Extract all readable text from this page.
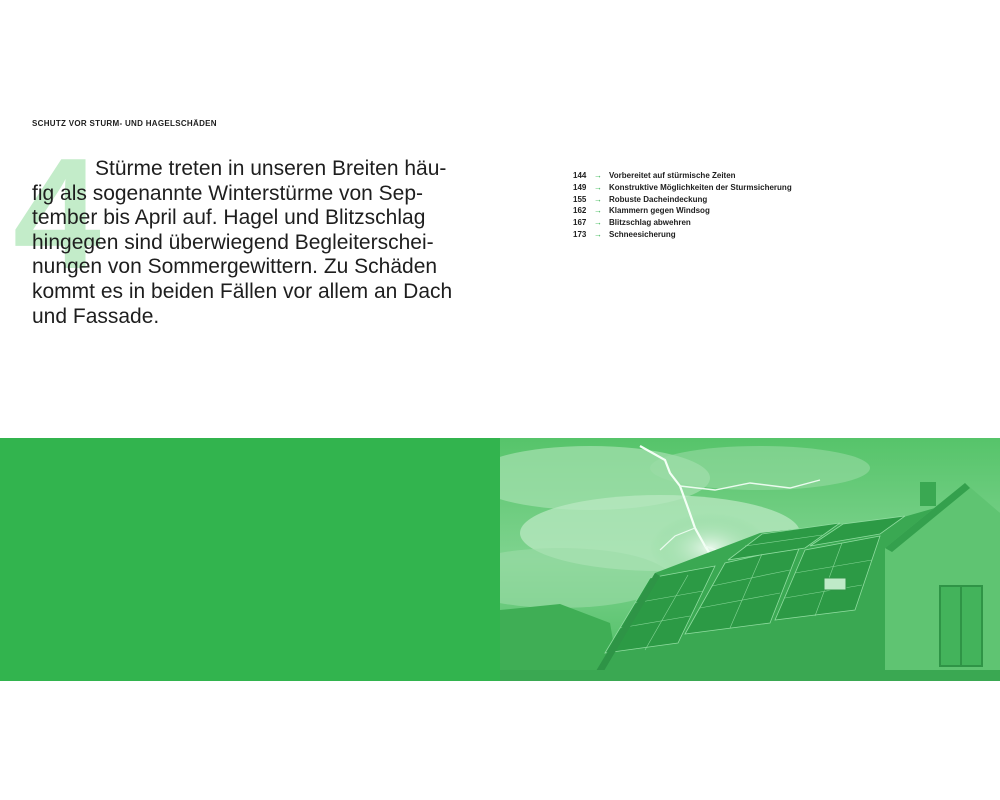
SCHUTZ VOR STURM- UND HAGELSCHÄDEN
4
Stürme treten in unseren Breiten häu-
fig als sogenannte Winterstürme von Sep-
tember bis April auf. Hagel und Blitzschlag
hingegen sind überwiegend Begleiterschei-
nungen von Sommergewittern. Zu Schäden
kommt es in beiden Fällen vor allem an Dach
und Fassade.
144 → Vorbereitet auf stürmische Zeiten
149 → Konstruktive Möglichkeiten der Sturmsicherung
155 → Robuste Dacheindeckung
162 → Klammern gegen Windsog
167 → Blitzschlag abwehren
173 → Schneesicherung
